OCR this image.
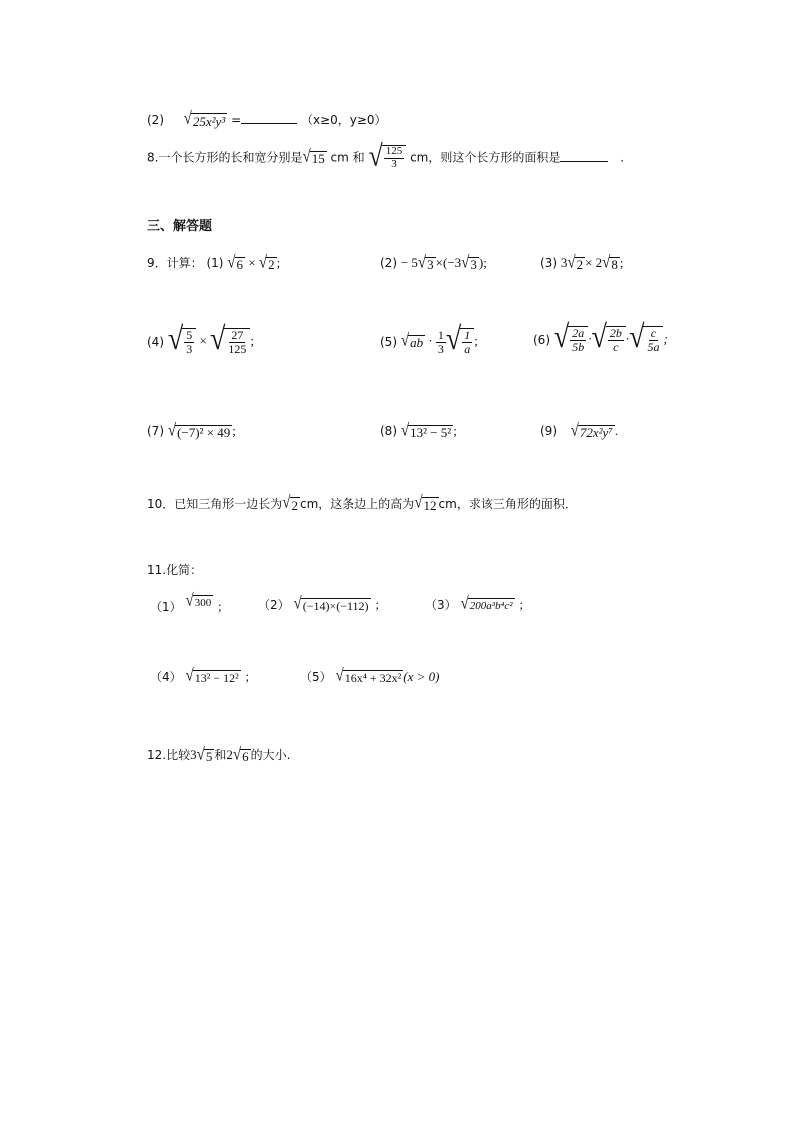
(2) √ 25x²y³ =	（x≥0，y≥0）
8.一个长方形的长和宽分别是 √ 15 cm 和 √ $\frac{125}{3}$ cm，则这个长方形的面积是	.
三、解答题
9．计算： (1) √ 6 × √ 2 ;	(2) − 5 √ 3 ×(−3 √ 3 );	(3) 3 √ 2 × 2 √ 8 ;
(4) √ $\frac{5}{3}$ × √ $\frac{27}{125}$ ;	(5) √ ab · $\frac{1}{3}$ √ $\frac{1}{a}$ ;	(6) √ $\frac{2a}{5b}$ · √ $\frac{2b}{c}$ · √ $\frac{c}{5a}$ ;
(7) √ (−7)² × 49 ;	(8) √ 13² − 5² ;	(9) √ 72x²y⁷ .
10．已知三角形一边长为 √ 2 cm，这条边上的高为 √ 12 cm，求该三角形的面积．
11.化简：
（1） √ 300 ； （2） √ (−14)×(−112) ；	（3） √ 200a³b⁴c² ；
（4） √ 13² − 12² ；	（5） √ 16x⁴ + 32x² (x > 0)
12.比较3 √ 5 和2 √ 6 的大小.
